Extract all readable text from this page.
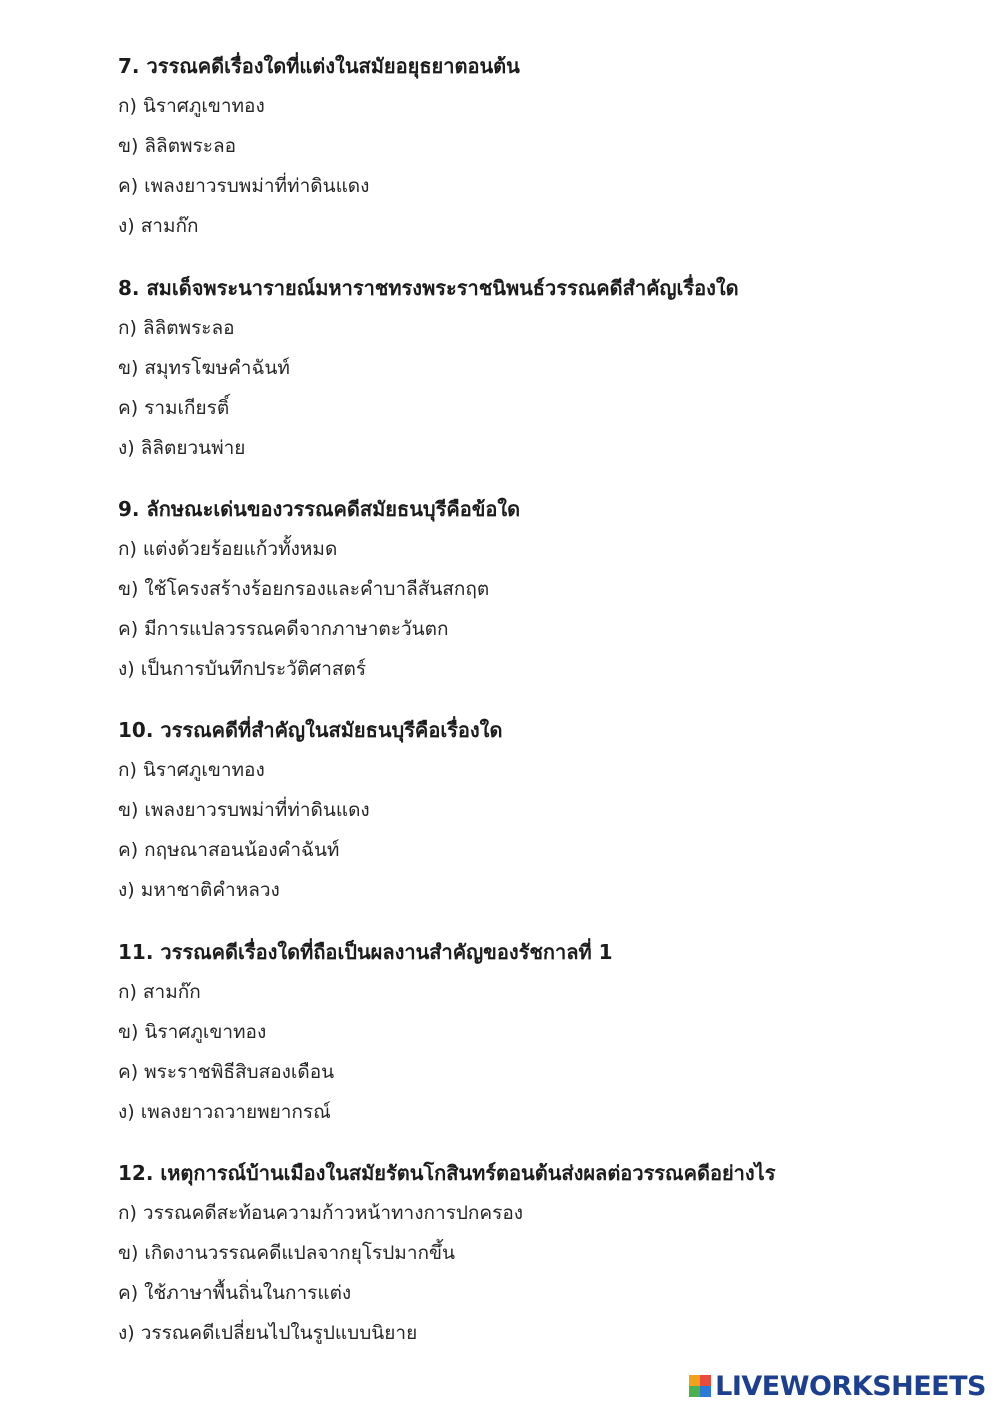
7. วรรณคดีเรื่องใดที่แต่งในสมัยอยุธยาตอนต้น
ก) นิราศภูเขาทอง
ข) ลิลิตพระลอ
ค) เพลงยาวรบพม่าที่ท่าดินแดง
ง) สามก๊ก
8. สมเด็จพระนารายณ์มหาราชทรงพระราชนิพนธ์วรรณคดีสำคัญเรื่องใด
ก) ลิลิตพระลอ
ข) สมุทรโฆษคำฉันท์
ค) รามเกียรติ์
ง) ลิลิตยวนพ่าย
9. ลักษณะเด่นของวรรณคดีสมัยธนบุรีคือข้อใด
ก) แต่งด้วยร้อยแก้วทั้งหมด
ข) ใช้โครงสร้างร้อยกรองและคำบาลีสันสกฤต
ค) มีการแปลวรรณคดีจากภาษาตะวันตก
ง) เป็นการบันทึกประวัติศาสตร์
10. วรรณคดีที่สำคัญในสมัยธนบุรีคือเรื่องใด
ก) นิราศภูเขาทอง
ข) เพลงยาวรบพม่าที่ท่าดินแดง
ค) กฤษณาสอนน้องคำฉันท์
ง) มหาชาติคำหลวง
11. วรรณคดีเรื่องใดที่ถือเป็นผลงานสำคัญของรัชกาลที่ 1
ก) สามก๊ก
ข) นิราศภูเขาทอง
ค) พระราชพิธีสิบสองเดือน
ง) เพลงยาวถวายพยากรณ์
12. เหตุการณ์บ้านเมืองในสมัยรัตนโกสินทร์ตอนต้นส่งผลต่อวรรณคดีอย่างไร
ก) วรรณคดีสะท้อนความก้าวหน้าทางการปกครอง
ข) เกิดงานวรรณคดีแปลจากยุโรปมากขึ้น
ค) ใช้ภาษาพื้นถิ่นในการแต่ง
ง) วรรณคดีเปลี่ยนไปในรูปแบบนิยาย
LIVEWORKSHEETS
